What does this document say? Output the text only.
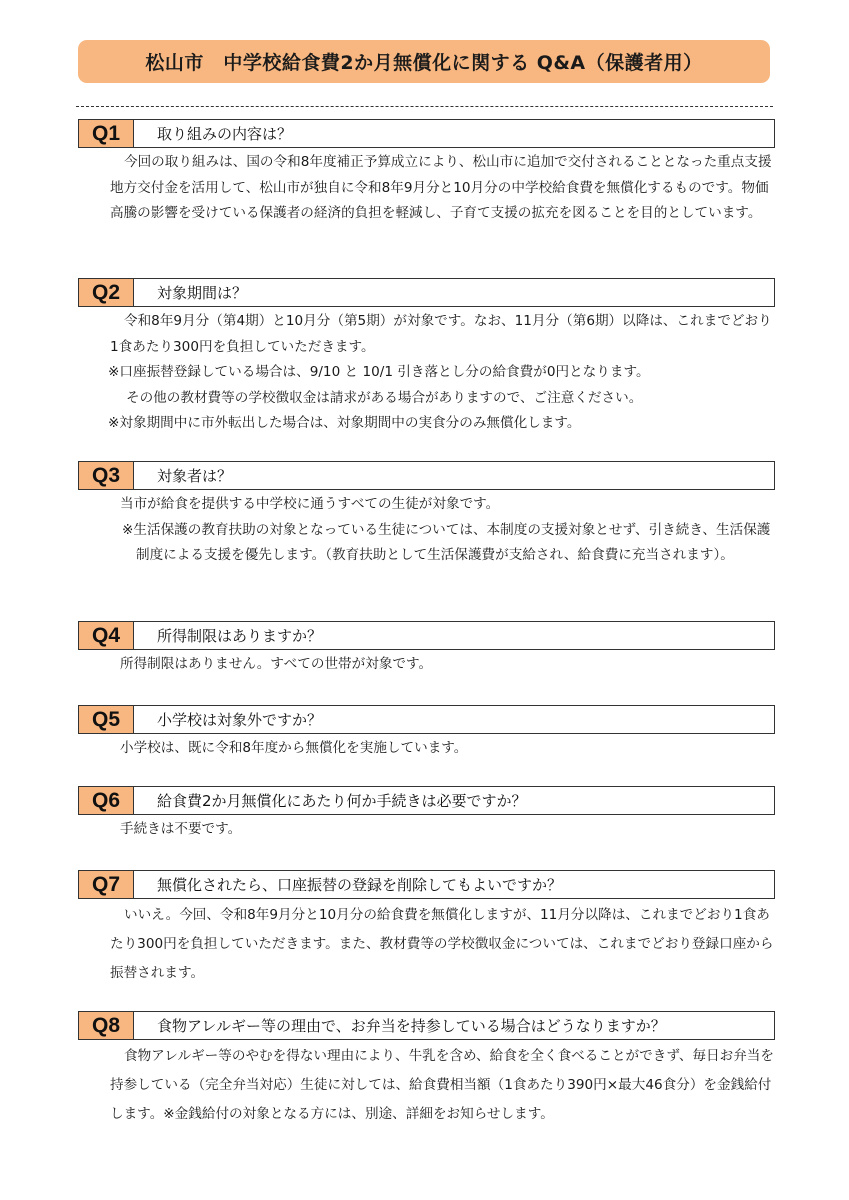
松山市　中学校給食費2か月無償化に関する Q&A（保護者用）
Q1	取り組みの内容は？

今回の取り組みは、国の令和8年度補正予算成立により、松山市に追加で交付されることとなった重点支援地方交付金を活用して、松山市が独自に令和8年9月分と10月分の中学校給食費を無償化するものです。物価高騰の影響を受けている保護者の経済的負担を軽減し、子育て支援の拡充を図ることを目的としています。

Q2	対象期間は？

令和8年9月分（第4期）と10月分（第5期）が対象です。なお、11月分（第6期）以降は、これまでどおり1食あたり300円を負担していただきます。

※口座振替登録している場合は、9/10 と 10/1 引き落とし分の給食費が0円となります。

その他の教材費等の学校徴収金は請求がある場合がありますので、ご注意ください。

※対象期間中に市外転出した場合は、対象期間中の実食分のみ無償化します。

Q3	対象者は？

当市が給食を提供する中学校に通うすべての生徒が対象です。

※生活保護の教育扶助の対象となっている生徒については、本制度の支援対象とせず、引き続き、生活保護制度による支援を優先します。（教育扶助として生活保護費が支給され、給食費に充当されます）。

Q4	所得制限はありますか？

所得制限はありません。すべての世帯が対象です。

Q5	小学校は対象外ですか？

小学校は、既に令和8年度から無償化を実施しています。

Q6	給食費2か月無償化にあたり何か手続きは必要ですか？

手続きは不要です。

Q7	無償化されたら、口座振替の登録を削除してもよいですか？

いいえ。今回、令和8年9月分と10月分の給食費を無償化しますが、11月分以降は、これまでどおり1食あたり300円を負担していただきます。また、教材費等の学校徴収金については、これまでどおり登録口座から振替されます。

Q8	食物アレルギー等の理由で、お弁当を持参している場合はどうなりますか？

食物アレルギー等のやむを得ない理由により、牛乳を含め、給食を全く食べることができず、毎日お弁当を持参している（完全弁当対応）生徒に対しては、給食費相当額（1食あたり390円×最大46食分）を金銭給付します。※金銭給付の対象となる方には、別途、詳細をお知らせします。
